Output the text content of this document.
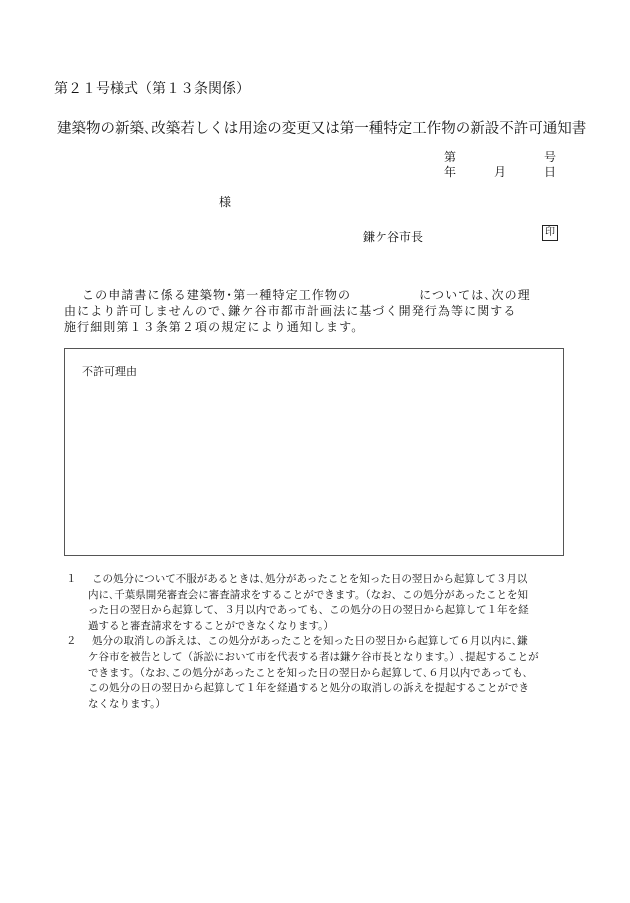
第２１号様式（第１３条関係）
建築物の新築､改築若しくは用途の変更又は第一種特定工作物の新設不許可通知書
第	号
年	月	日
様
鎌ケ谷市長	印
この申請書に係る建築物･第一種特定工作物の	については､次の理
由により許可しませんので､鎌ケ谷市都市計画法に基づく開発行為等に関する
施行細則第１３条第２項の規定により通知します。
不許可理由
１	この処分について不服があるときは､処分があったことを知った日の翌日から起算して３月以
内に､千葉県開発審査会に審査請求をすることができます。（なお、この処分があったことを知
った日の翌日から起算して、３月以内であっても、この処分の日の翌日から起算して１年を経
過すると審査請求をすることができなくなります。）
２	処分の取消しの訴えは、この処分があったことを知った日の翌日から起算して６月以内に､鎌
ケ谷市を被告として（訴訟において市を代表する者は鎌ケ谷市長となります。）､提起することが
できます。（なお､この処分があったことを知った日の翌日から起算して､６月以内であっても､
この処分の日の翌日から起算して１年を経過すると処分の取消しの訴えを提起することができ
なくなります。）
